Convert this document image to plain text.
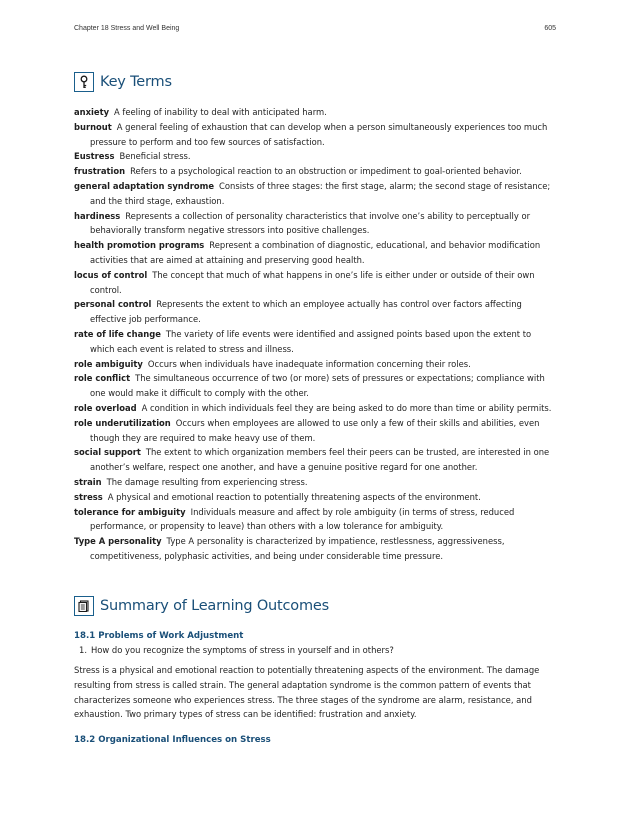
Chapter 18 Stress and Well Being	605
Key Terms
anxiety A feeling of inability to deal with anticipated harm.
burnout A general feeling of exhaustion that can develop when a person simultaneously experiences too much pressure to perform and too few sources of satisfaction.
Eustress Beneficial stress.
frustration Refers to a psychological reaction to an obstruction or impediment to goal-oriented behavior.
general adaptation syndrome Consists of three stages: the first stage, alarm; the second stage of resistance; and the third stage, exhaustion.
hardiness Represents a collection of personality characteristics that involve one’s ability to perceptually or behaviorally transform negative stressors into positive challenges.
health promotion programs Represent a combination of diagnostic, educational, and behavior modification activities that are aimed at attaining and preserving good health.
locus of control The concept that much of what happens in one’s life is either under or outside of their own control.
personal control Represents the extent to which an employee actually has control over factors affecting effective job performance.
rate of life change The variety of life events were identified and assigned points based upon the extent to which each event is related to stress and illness.
role ambiguity Occurs when individuals have inadequate information concerning their roles.
role conflict The simultaneous occurrence of two (or more) sets of pressures or expectations; compliance with one would make it difficult to comply with the other.
role overload A condition in which individuals feel they are being asked to do more than time or ability permits.
role underutilization Occurs when employees are allowed to use only a few of their skills and abilities, even though they are required to make heavy use of them.
social support The extent to which organization members feel their peers can be trusted, are interested in one another’s welfare, respect one another, and have a genuine positive regard for one another.
strain The damage resulting from experiencing stress.
stress A physical and emotional reaction to potentially threatening aspects of the environment.
tolerance for ambiguity Individuals measure and affect by role ambiguity (in terms of stress, reduced performance, or propensity to leave) than others with a low tolerance for ambiguity.
Type A personality Type A personality is characterized by impatience, restlessness, aggressiveness, competitiveness, polyphasic activities, and being under considerable time pressure.
Summary of Learning Outcomes
18.1 Problems of Work Adjustment
1. How do you recognize the symptoms of stress in yourself and in others?
Stress is a physical and emotional reaction to potentially threatening aspects of the environment. The damage resulting from stress is called strain. The general adaptation syndrome is the common pattern of events that characterizes someone who experiences stress. The three stages of the syndrome are alarm, resistance, and exhaustion. Two primary types of stress can be identified: frustration and anxiety.
18.2 Organizational Influences on Stress
